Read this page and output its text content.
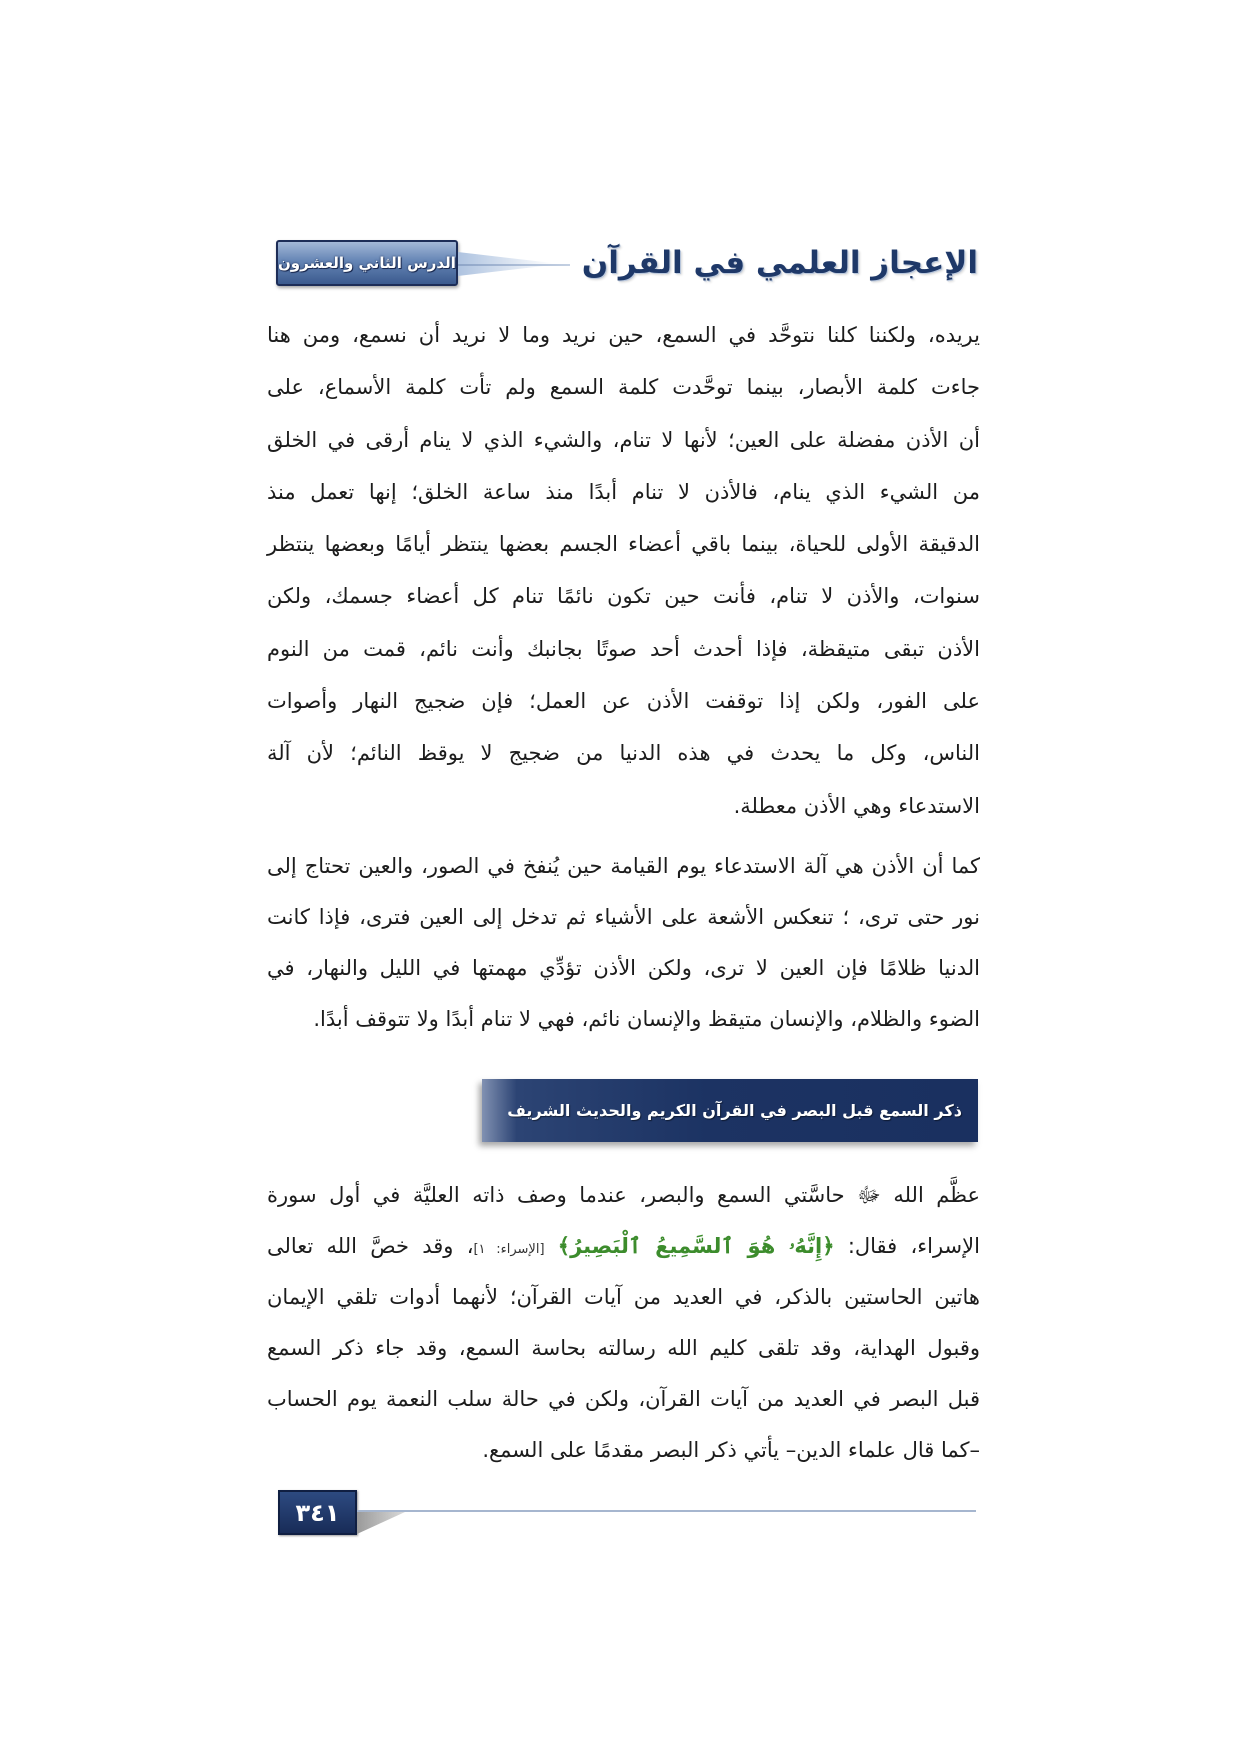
الدرس الثاني والعشرون	الإعجاز العلمي في القرآن
يريده، ولكننا كلنا نتوحَّد في السمع، حين نريد وما لا نريد أن نسمع، ومن هنا
جاءت كلمة الأبصار، بينما توحَّدت كلمة السمع ولم تأت كلمة الأسماع، على
أن الأذن مفضلة على العين؛ لأنها لا تنام، والشيء الذي لا ينام أرقى في الخلق
من الشيء الذي ينام، فالأذن لا تنام أبدًا منذ ساعة الخلق؛ إنها تعمل منذ
الدقيقة الأولى للحياة، بينما باقي أعضاء الجسم بعضها ينتظر أيامًا وبعضها ينتظر
سنوات، والأذن لا تنام، فأنت حين تكون نائمًا تنام كل أعضاء جسمك، ولكن
الأذن تبقى متيقظة، فإذا أحدث أحد صوتًا بجانبك وأنت نائم، قمت من النوم
على الفور، ولكن إذا توقفت الأذن عن العمل؛ فإن ضجيج النهار وأصوات
الناس، وكل ما يحدث في هذه الدنيا من ضجيج لا يوقظ النائم؛ لأن آلة
الاستدعاء وهي الأذن معطلة.
كما أن الأذن هي آلة الاستدعاء يوم القيامة حين يُنفخ في الصور، والعين تحتاج إلى
نور حتى ترى، ؛ تنعكس الأشعة على الأشياء ثم تدخل إلى العين فترى، فإذا كانت
الدنيا ظلامًا فإن العين لا ترى، ولكن الأذن تؤدِّي مهمتها في الليل والنهار، في
الضوء والظلام، والإنسان متيقظ والإنسان نائم، فهي لا تنام أبدًا ولا تتوقف أبدًا.
ذكر السمع قبل البصر في القرآن الكريم والحديث الشريف
عظَّم الله ﷻ حاسَّتي السمع والبصر، عندما وصف ذاته العليَّة في أول سورة
الإسراء، فقال: ﴿إِنَّهُۥ هُوَ ٱلسَّمِيعُ ٱلْبَصِيرُ﴾ [الإسراء: ١]، وقد خصَّ الله تعالى
هاتين الحاستين بالذكر، في العديد من آيات القرآن؛ لأنهما أدوات تلقي الإيمان
وقبول الهداية، وقد تلقى كليم الله رسالته بحاسة السمع، وقد جاء ذكر السمع
قبل البصر في العديد من آيات القرآن، ولكن في حالة سلب النعمة يوم الحساب
–كما قال علماء الدين– يأتي ذكر البصر مقدمًا على السمع.
٣٤١
